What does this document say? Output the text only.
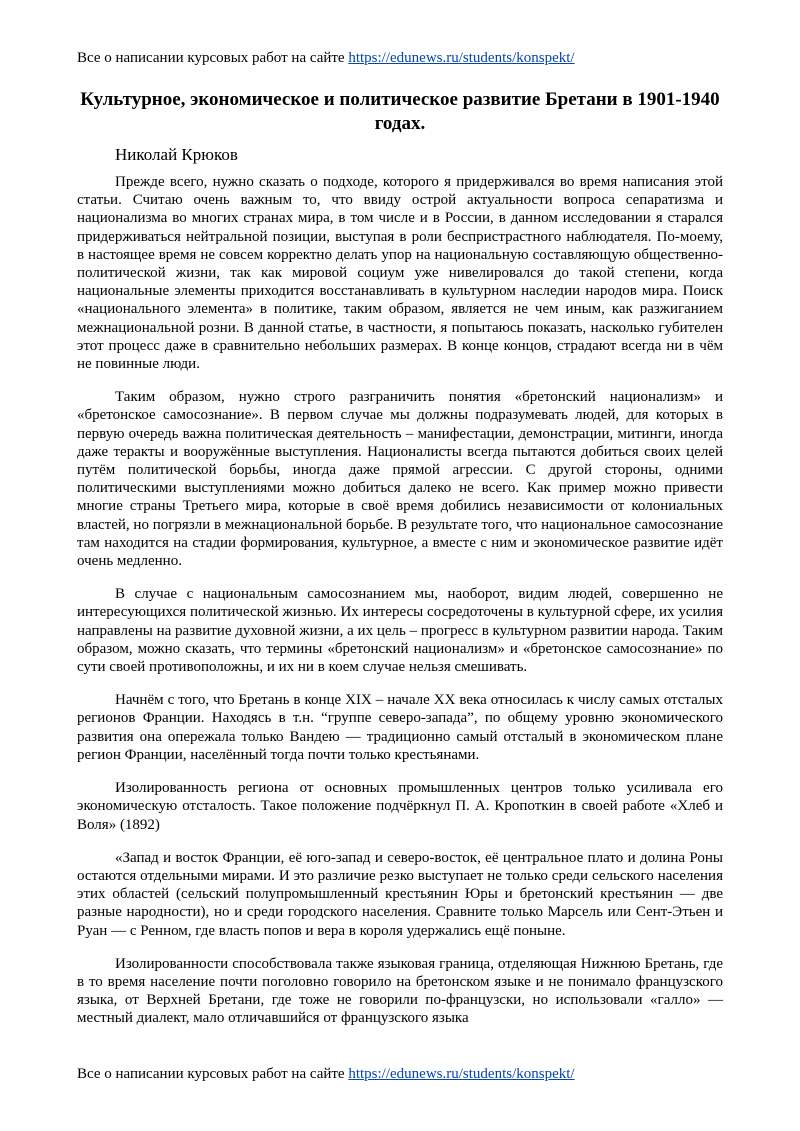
Все о написании курсовых работ на сайте https://edunews.ru/students/konspekt/
Культурное, экономическое и политическое развитие Бретани в 1901-1940 годах.
Николай Крюков

Прежде всего, нужно сказать о подходе, которого я придерживался во время написания этой статьи. Считаю очень важным то, что ввиду острой актуальности вопроса сепаратизма и национализма во многих странах мира, в том числе и в России, в данном исследовании я старался придерживаться нейтральной позиции, выступая в роли беспристрастного наблюдателя. По-моему, в настоящее время не совсем корректно делать упор на национальную составляющую общественно-политической жизни, так как мировой социум уже нивелировался до такой степени, когда национальные элементы приходится восстанавливать в культурном наследии народов мира. Поиск «национального элемента» в политике, таким образом, является не чем иным, как разжиганием межнациональной розни. В данной статье, в частности, я попытаюсь показать, насколько губителен этот процесс даже в сравнительно небольших размерах. В конце концов, страдают всегда ни в чём не повинные люди.

Таким образом, нужно строго разграничить понятия «бретонский национализм» и «бретонское самосознание». В первом случае мы должны подразумевать людей, для которых в первую очередь важна политическая деятельность – манифестации, демонстрации, митинги, иногда даже теракты и вооружённые выступления. Националисты всегда пытаются добиться своих целей путём политической борьбы, иногда даже прямой агрессии. С другой стороны, одними политическими выступлениями можно добиться далеко не всего. Как пример можно привести многие страны Третьего мира, которые в своё время добились независимости от колониальных властей, но погрязли в межнациональной борьбе. В результате того, что национальное самосознание там находится на стадии формирования, культурное, а вместе с ним и экономическое развитие идёт очень медленно.

В случае с национальным самосознанием мы, наоборот, видим людей, совершенно не интересующихся политической жизнью. Их интересы сосредоточены в культурной сфере, их усилия направлены на развитие духовной жизни, а их цель – прогресс в культурном развитии народа. Таким образом, можно сказать, что термины «бретонский национализм» и «бретонское самосознание» по сути своей противоположны, и их ни в коем случае нельзя смешивать.

Начнём с того, что Бретань в конце XIX – начале XX века относилась к числу самых отсталых регионов Франции. Находясь в т.н. “группе северо-запада”, по общему уровню экономического развития она опережала только Вандею — традиционно самый отсталый в экономическом плане регион Франции, населённый тогда почти только крестьянами.

Изолированность региона от основных промышленных центров только усиливала его экономическую отсталость. Такое положение подчёркнул П. А. Кропоткин в своей работе «Хлеб и Воля» (1892)

«Запад и восток Франции, её юго-запад и северо-восток, её центральное плато и долина Роны остаются отдельными мирами. И это различие резко выступает не только среди сельского населения этих областей (сельский полупромышленный крестьянин Юры и бретонский крестьянин — две разные народности), но и среди городского населения. Сравните только Марсель или Сент-Этьен и Руан — с Ренном, где власть попов и вера в короля удержались ещё поныне.

Изолированности способствовала также языковая граница, отделяющая Нижнюю Бретань, где в то время население почти поголовно говорило на бретонском языке и не понимало французского языка, от Верхней Бретани, где тоже не говорили по-французски, но использовали «галло» — местный диалект, мало отличавшийся от французского языка

Все о написании курсовых работ на сайте https://edunews.ru/students/konspekt/
